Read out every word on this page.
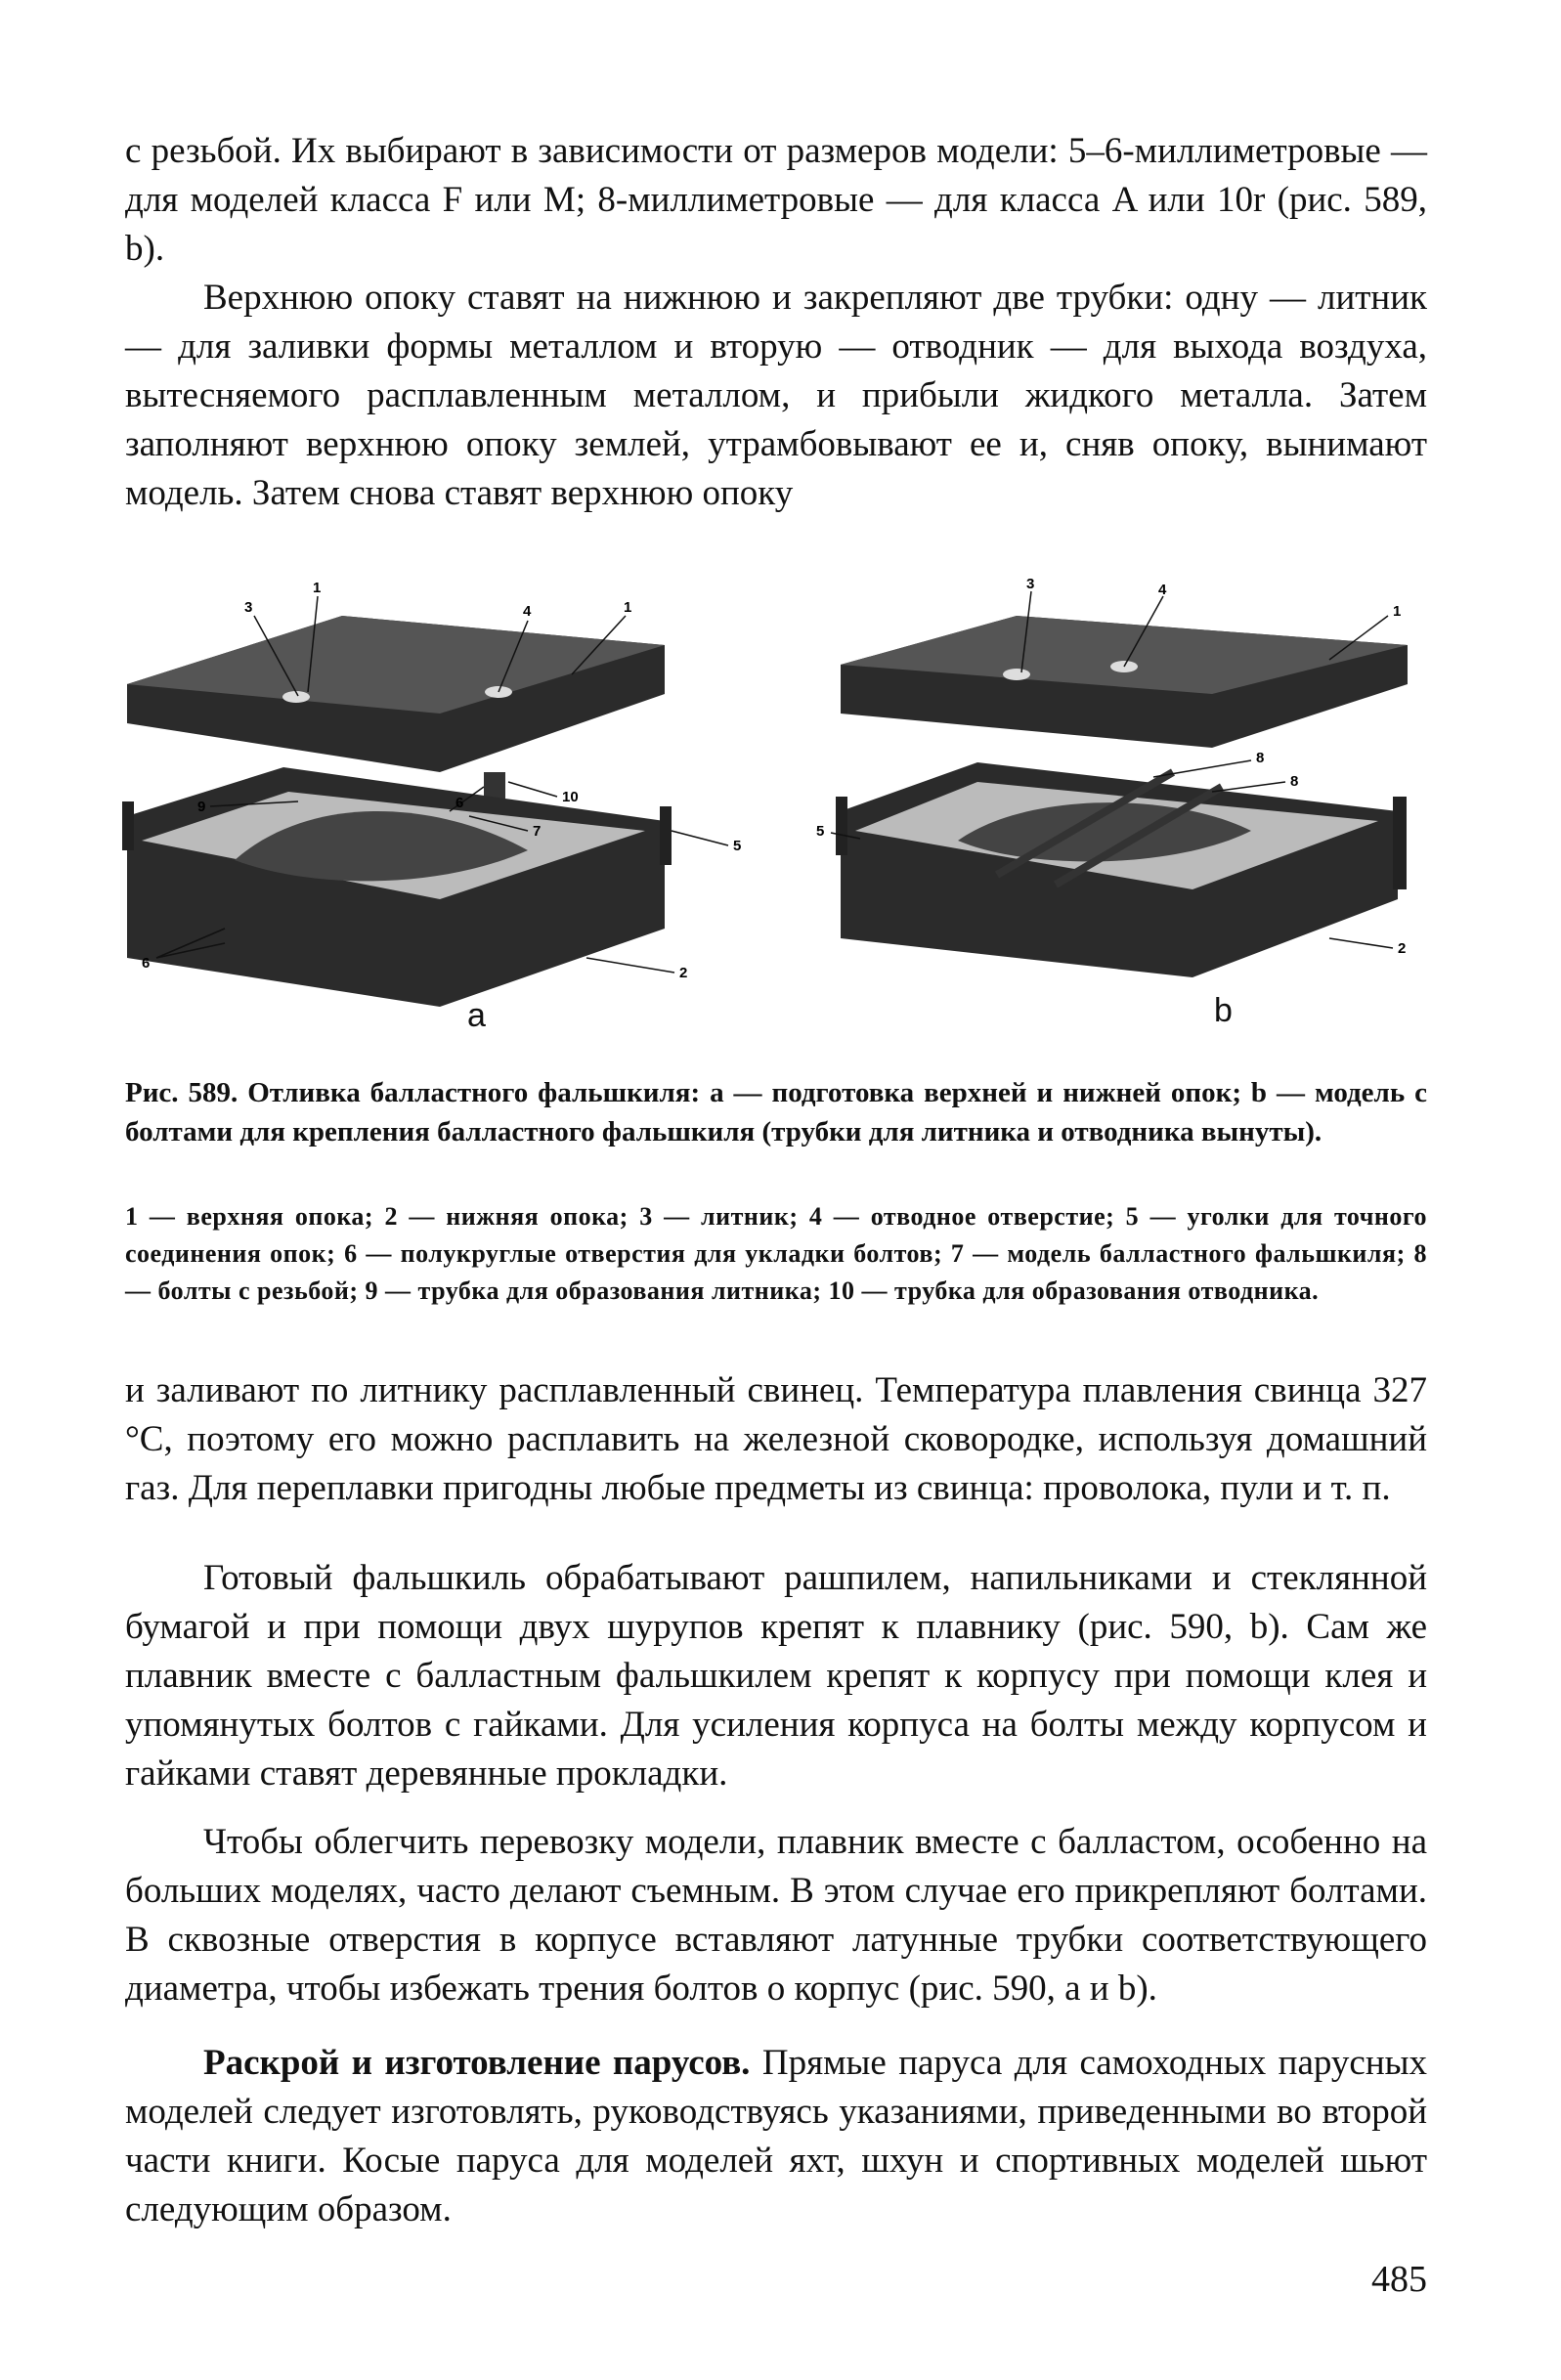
с резьбой. Их выбирают в зависимости от размеров модели: 5–6-миллиметровые — для моделей класса F или M; 8-миллиметровые — для класса A или 10r (рис. 589, b).

Верхнюю опоку ставят на нижнюю и закрепляют две трубки: одну — литник — для заливки формы металлом и вторую — отводник — для выхода воздуха, вытесняемого расплавленным металлом, и прибыли жидкого металла. Затем заполняют верхнюю опоку землей, утрамбовывают ее и, сняв опоку, вынимают модель. Затем снова ставят верхнюю опоку

1
3	4	1
9	6	10
7
5
6
2
3	4
1
8
8
5
2
a	b

Рис. 589. Отливка балластного фальшкиля: a — подготовка верхней и нижней опок; b — модель с болтами для крепления балластного фальшкиля (трубки для литника и отводника вынуты).

1 — верхняя опока; 2 — нижняя опока; 3 — литник; 4 — отводное отверстие; 5 — уголки для точного соединения опок; 6 — полукруглые отверстия для укладки болтов; 7 — модель балластного фальшкиля; 8 — болты с резьбой; 9 — трубка для образования литника; 10 — трубка для образования отводника.

и заливают по литнику расплавленный свинец. Температура плавления свинца 327 °C, поэтому его можно расплавить на железной сковородке, используя домашний газ. Для переплавки пригодны любые предметы из свинца: проволока, пули и т. п.

Готовый фальшкиль обрабатывают рашпилем, напильниками и стеклянной бумагой и при помощи двух шурупов крепят к плавнику (рис. 590, b). Сам же плавник вместе с балластным фальшкилем крепят к корпусу при помощи клея и упомянутых болтов с гайками. Для усиления корпуса на болты между корпусом и гайками ставят деревянные прокладки.

Чтобы облегчить перевозку модели, плавник вместе с балластом, особенно на больших моделях, часто делают съемным. В этом случае его прикрепляют болтами. В сквозные отверстия в корпусе вставляют латунные трубки соответствующего диаметра, чтобы избежать трения болтов о корпус (рис. 590, a и b).

Раскрой и изготовление парусов. Прямые паруса для самоходных парусных моделей следует изготовлять, руководствуясь указаниями, приведенными во второй части книги. Косые паруса для моделей яхт, шхун и спортивных моделей шьют следующим образом.

485
